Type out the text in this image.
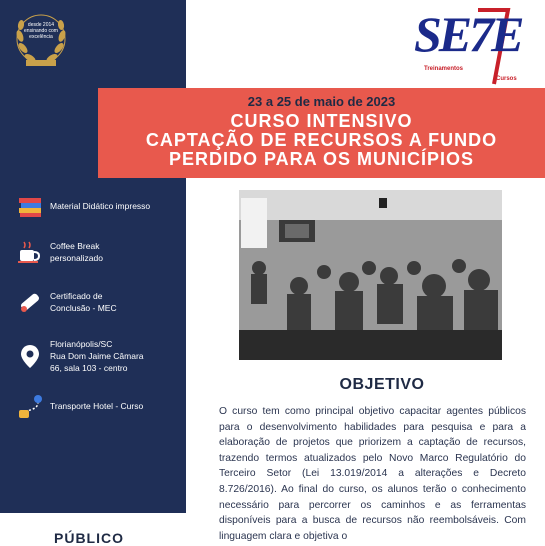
desde 2014
ensinando com
excelência	SE7E
Treinamentos
Cursos
23 a 25 de maio de 2023
CURSO INTENSIVO
CAPTAÇÃO DE RECURSOS A FUNDO
PERDIDO PARA OS MUNICÍPIOS
Material Didático impresso
Coffee Break
personalizado
Certificado de
Conclusão - MEC
Florianópolis/SC
Rua Dom Jaime Câmara
66, sala 103 - centro
Transporte Hotel - Curso
OBJETIVO
O curso tem como principal objetivo capacitar agentes públicos para o desenvolvimento habilidades para pesquisa e para a elaboração de projetos que priorizem a captação de recursos, trazendo termos atualizados pelo Novo Marco Regulatório do Terceiro Setor (Lei 13.019/2014 a alterações e Decreto 8.726/2016). Ao final do curso, os alunos terão o conhecimento necessário para percorrer os caminhos e as ferramentas disponíveis para a busca de recursos não reembolsáveis. Com linguagem clara e objetiva o
PÚBLICO
